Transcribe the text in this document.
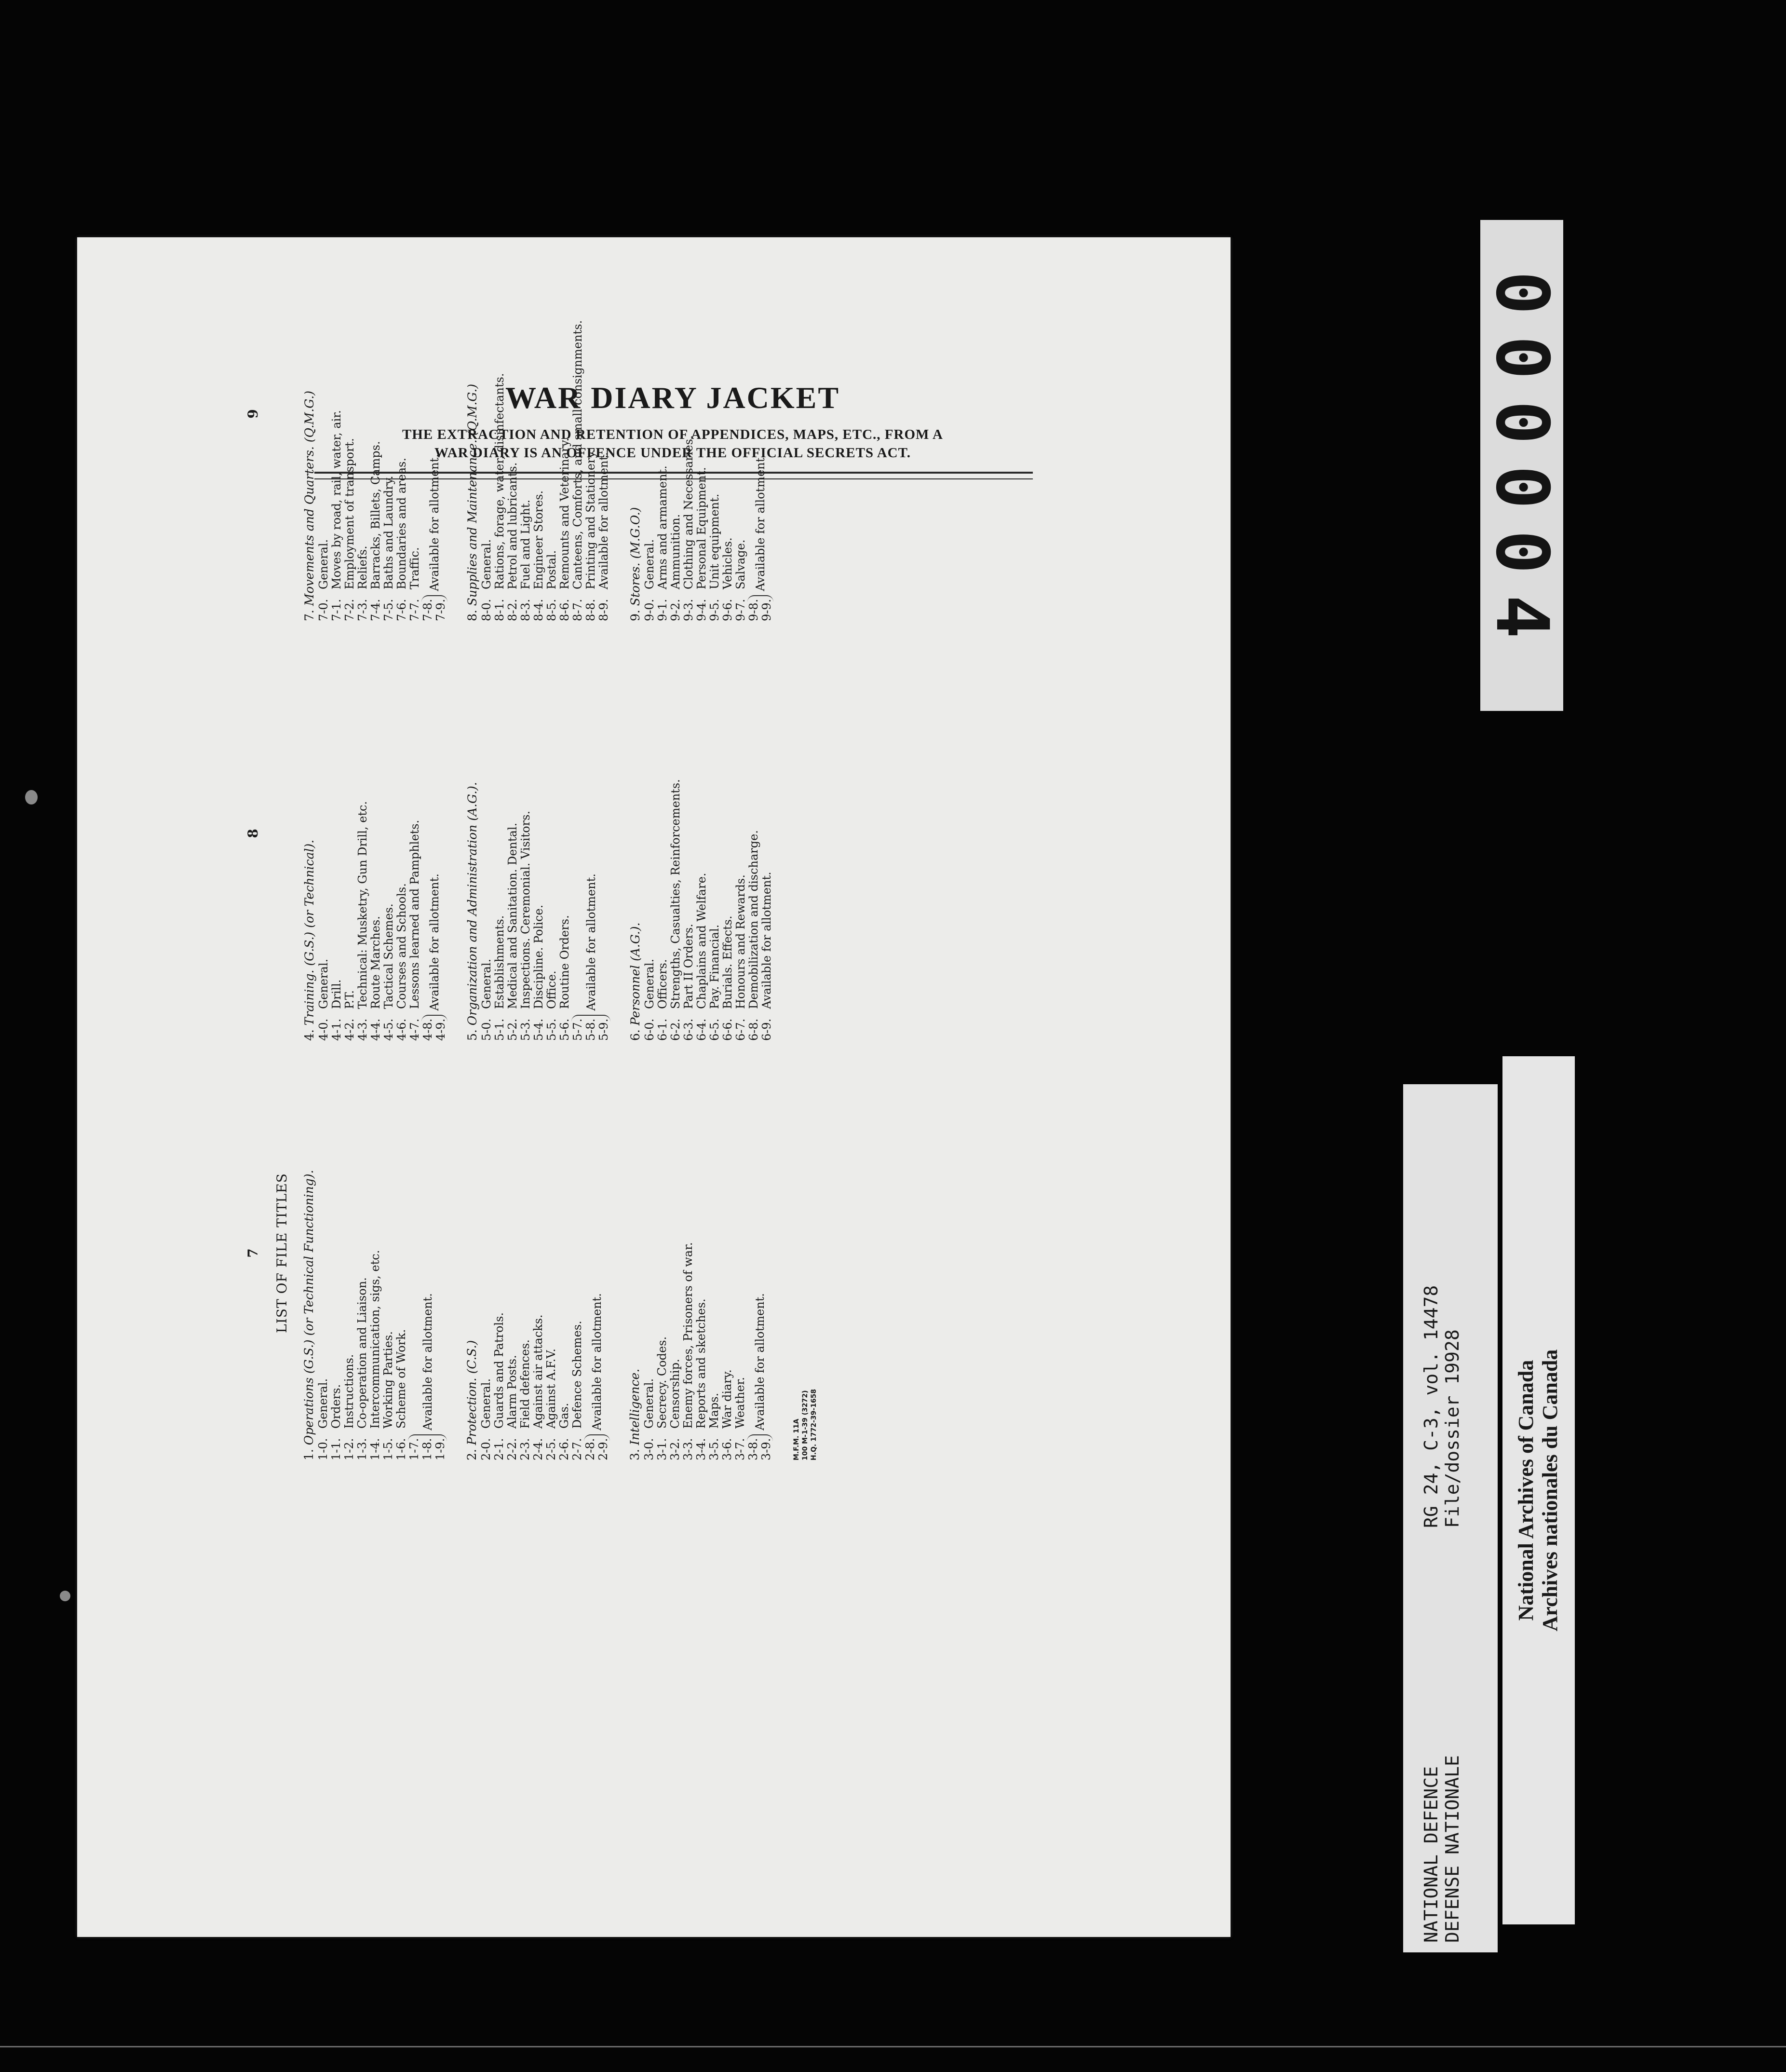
WAR DIARY JACKET
THE EXTRACTION AND RETENTION OF APPENDICES, MAPS, ETC., FROM A
WAR DIARY IS AN OFFENCE UNDER THE OFFICIAL SECRETS ACT.
7 LIST OF FILE TITLES
1. Operations (G.S.) (or Technical Functioning).
1-0.General.
1-1.Orders.
1-2.Instructions.
1-3.Co-operation and Liaison.
1-4.Intercommunication, sigs, etc.
1-5.Working Parties.
1-6.Scheme of Work.
1-7. 1-8. 1-9.
Available for allotment.
2. Protection. (C.S.)
2-0.General.
2-1.Guards and Patrols.
2-2.Alarm Posts.
2-3.Field defences.
2-4.Against air attacks.
2-5.Against A.F.V.
2-6.Gas.
2-7.Defence Schemes.
2-8. 2-9.
Available for allotment.
3. Intelligence.
3-0.General.
3-1.Secrecy. Codes.
3-2.Censorship.
3-3.Enemy forces, Prisoners of war.
3-4.Reports and sketches.
3-5.Maps.
3-6.War diary.
3-7.Weather.
3-8. 3-9.
Available for allotment.
M.F.M. 11A 100 M-1-39 (3272) H.Q. 1772-39-1658
8
4. Training. (G.S.) (or Technical).
4-0.General.
4-1.Drill.
4-2.P.T.
4-3.Technical: Musketry, Gun Drill, etc.
4-4.Route Marches.
4-5.Tactical Schemes.
4-6.Courses and Schools.
4-7.Lessons learned and Pamphlets.
4-8. 4-9.
Available for allotment.
5. Organization and Administration (A.G.).
5-0.General.
5-1.Establishments.
5-2.Medical and Sanitation. Dental.
5-3.Inspections. Ceremonial. Visitors.
5-4.Discipline. Police.
5-5.Office.
5-6.Routine Orders.
5-7. 5-8. 5-9.
Available for allotment.
6. Personnel (A.G.).
6-0.General.
6-1.Officers.
6-2.Strengths, Casualties, Reinforcements.
6-3.Part II Orders.
6-4.Chaplains and Welfare.
6-5.Pay. Financial.
6-6.Burials. Effects.
6-7.Honours and Rewards.
6-8.Demobilization and discharge.
6-9.Available for allotment.
9
7. Movements and Quarters. (Q.M.G.)
7-0.General.
7-1.Moves by road, rail, water, air.
7-2.Employment of transport.
7-3.Reliefs.
7-4.Barracks, Billets, Camps.
7-5.Baths and Laundry.
7-6.Boundaries and areas.
7-7.Traffic.
7-8. 7-9.
Available for allotment.
8. Supplies and Maintenance. (Q.M.G.)
8-0.General.
8-1.Rations, forage, water, disinfectants.
8-2.Petrol and lubricants.
8-3.Fuel and Light.
8-4.Engineer Stores.
8-5.Postal.
8-6.Remounts and Veterinary.
8-7.Canteens, Comforts, and small consignments.
8-8.Printing and Stationery.
8-9.Available for allotment.
9. Stores. (M.G.O.)
9-0.General.
9-1.Arms and armament.
9-2.Ammunition.
9-3.Clothing and Necessaries.
9-4.Personal Equipment.
9-5.Unit equipment.
9-6.Vehicles.
9-7.Salvage.
9-8. 9-9.
Available for allotment.	000004
NATIONAL DEFENCE DEFENSE NATIONALE
RG 24, C-3, vol. 14478 File/dossier 19928 National Archives of Canada Archives nationales du Canada
